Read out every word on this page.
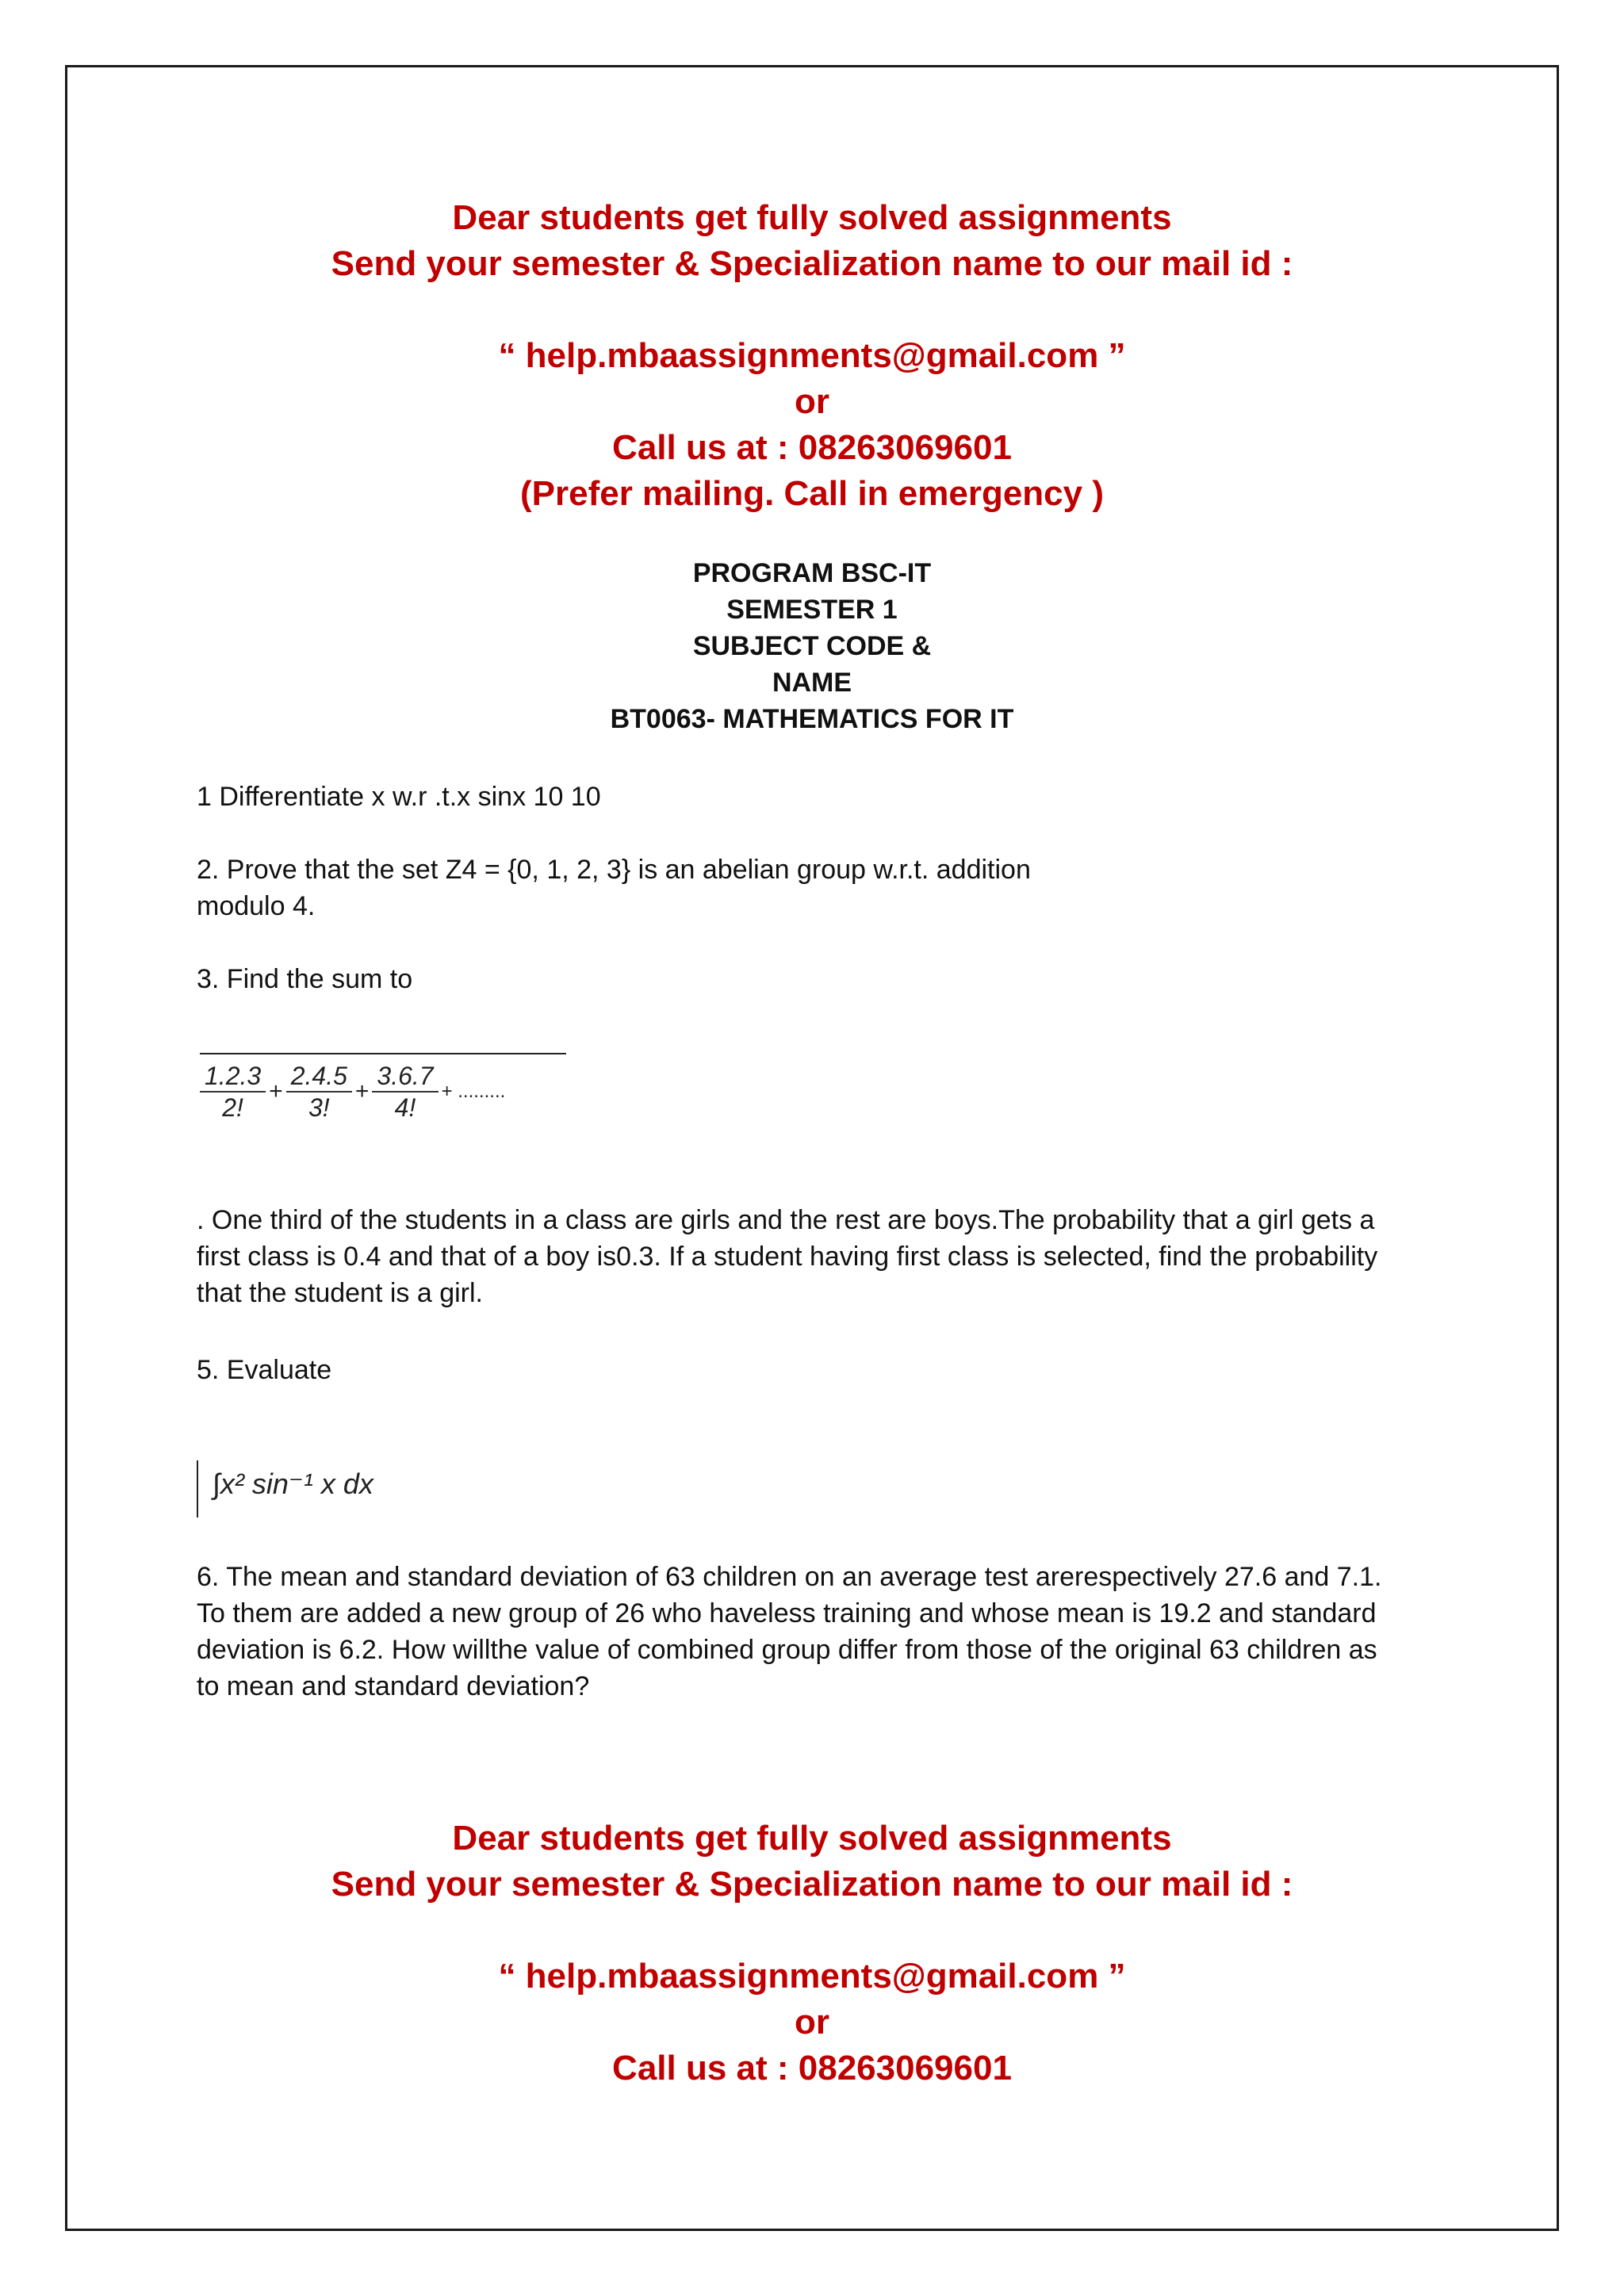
Dear students get fully solved assignments
Send your semester & Specialization name to our mail id :
“ help.mbaassignments@gmail.com ”
or
Call us at : 08263069601
(Prefer mailing. Call in emergency )
PROGRAM BSC-IT
SEMESTER 1
SUBJECT CODE &
NAME
BT0063- MATHEMATICS FOR IT
1 Differentiate x w.r .t.x sinx 10 10
2. Prove that the set Z4 = {0, 1, 2, 3} is an abelian group w.r.t. addition
modulo 4.
3. Find the sum to
$\frac{1.2.3}{2!} + \frac{2.4.5}{3!} + \frac{3.6.7}{4!}$ + .........
. One third of the students in a class are girls and the rest are boys.The probability that a girl gets a
first class is 0.4 and that of a boy is0.3. If a student having first class is selected, find the probability
that the student is a girl.
5. Evaluate
∫x² sin⁻¹ x dx
6. The mean and standard deviation of 63 children on an average test arerespectively 27.6 and 7.1.
To them are added a new group of 26 who haveless training and whose mean is 19.2 and standard
deviation is 6.2. How willthe value of combined group differ from those of the original 63 children as
to mean and standard deviation?
Dear students get fully solved assignments
Send your semester & Specialization name to our mail id :
“ help.mbaassignments@gmail.com ”
or
Call us at : 08263069601
